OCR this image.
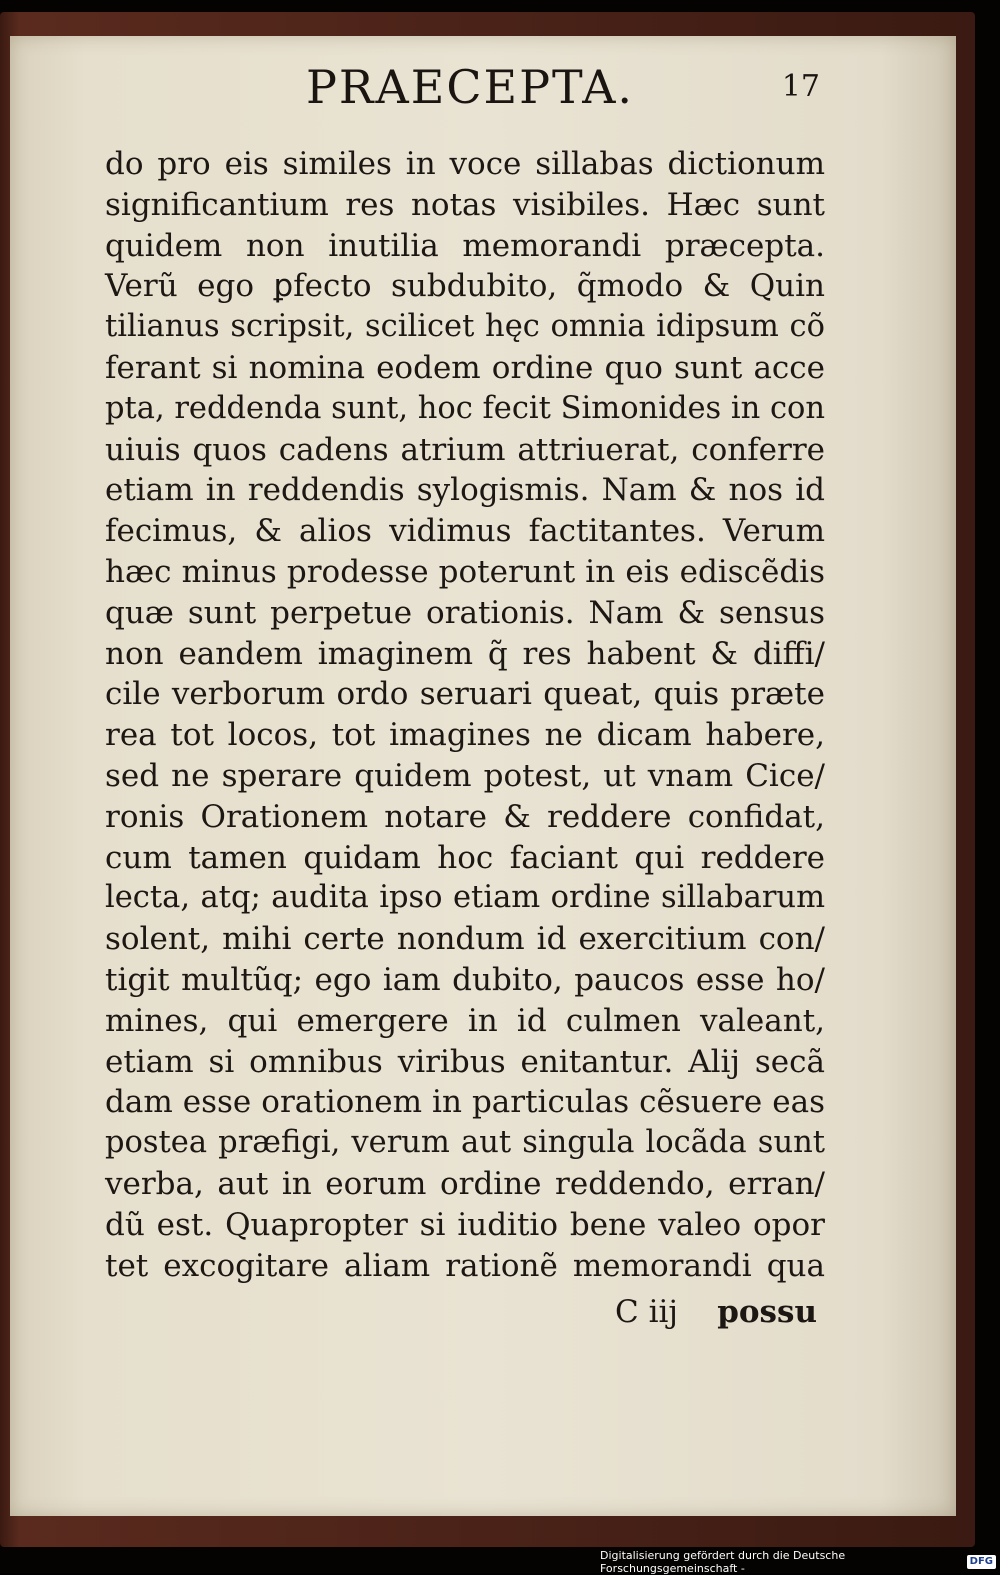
PRAECEPTA.	17
do pro eis similes in voce sillabas dictionum
significantium res notas visibiles. Hæc sunt
quidem non inutilia memorandi præcepta.
Verũ ego ꝑfecto subdubito, q̃modo & Quin
tilianus scripsit, scilicet hęc omnia idipsum cõ
ferant si nomina eodem ordine quo sunt acce
pta, reddenda sunt, hoc fecit Simonides in con
uiuis quos cadens atrium attriuerat, conferre
etiam in reddendis sylogismis. Nam & nos id
fecimus, & alios vidimus factitantes. Verum
hæc minus prodesse poterunt in eis ediscẽdis
quæ sunt perpetue orationis. Nam & sensus
non eandem imaginem q̃ res habent & diffi/
cile verborum ordo seruari queat, quis præte
rea tot locos, tot imagines ne dicam habere,
sed ne sperare quidem potest, ut vnam Cice/
ronis Orationem notare & reddere confidat,
cum tamen quidam hoc faciant qui reddere
lecta, atq; audita ipso etiam ordine sillabarum
solent, mihi certe nondum id exercitium con/
tigit multũq; ego iam dubito, paucos esse ho/
mines, qui emergere in id culmen valeant,
etiam si omnibus viribus enitantur. Alij secã
dam esse orationem in particulas cẽsuere eas
postea præfigi, verum aut singula locãda sunt
verba, aut in eorum ordine reddendo, erran/
dũ est. Quapropter si iuditio bene valeo opor
tet excogitare aliam rationẽ memorandi qua
C iij possu
Digitalisierung gefördert durch die Deutsche Forschungsgemeinschaft -
DFG
